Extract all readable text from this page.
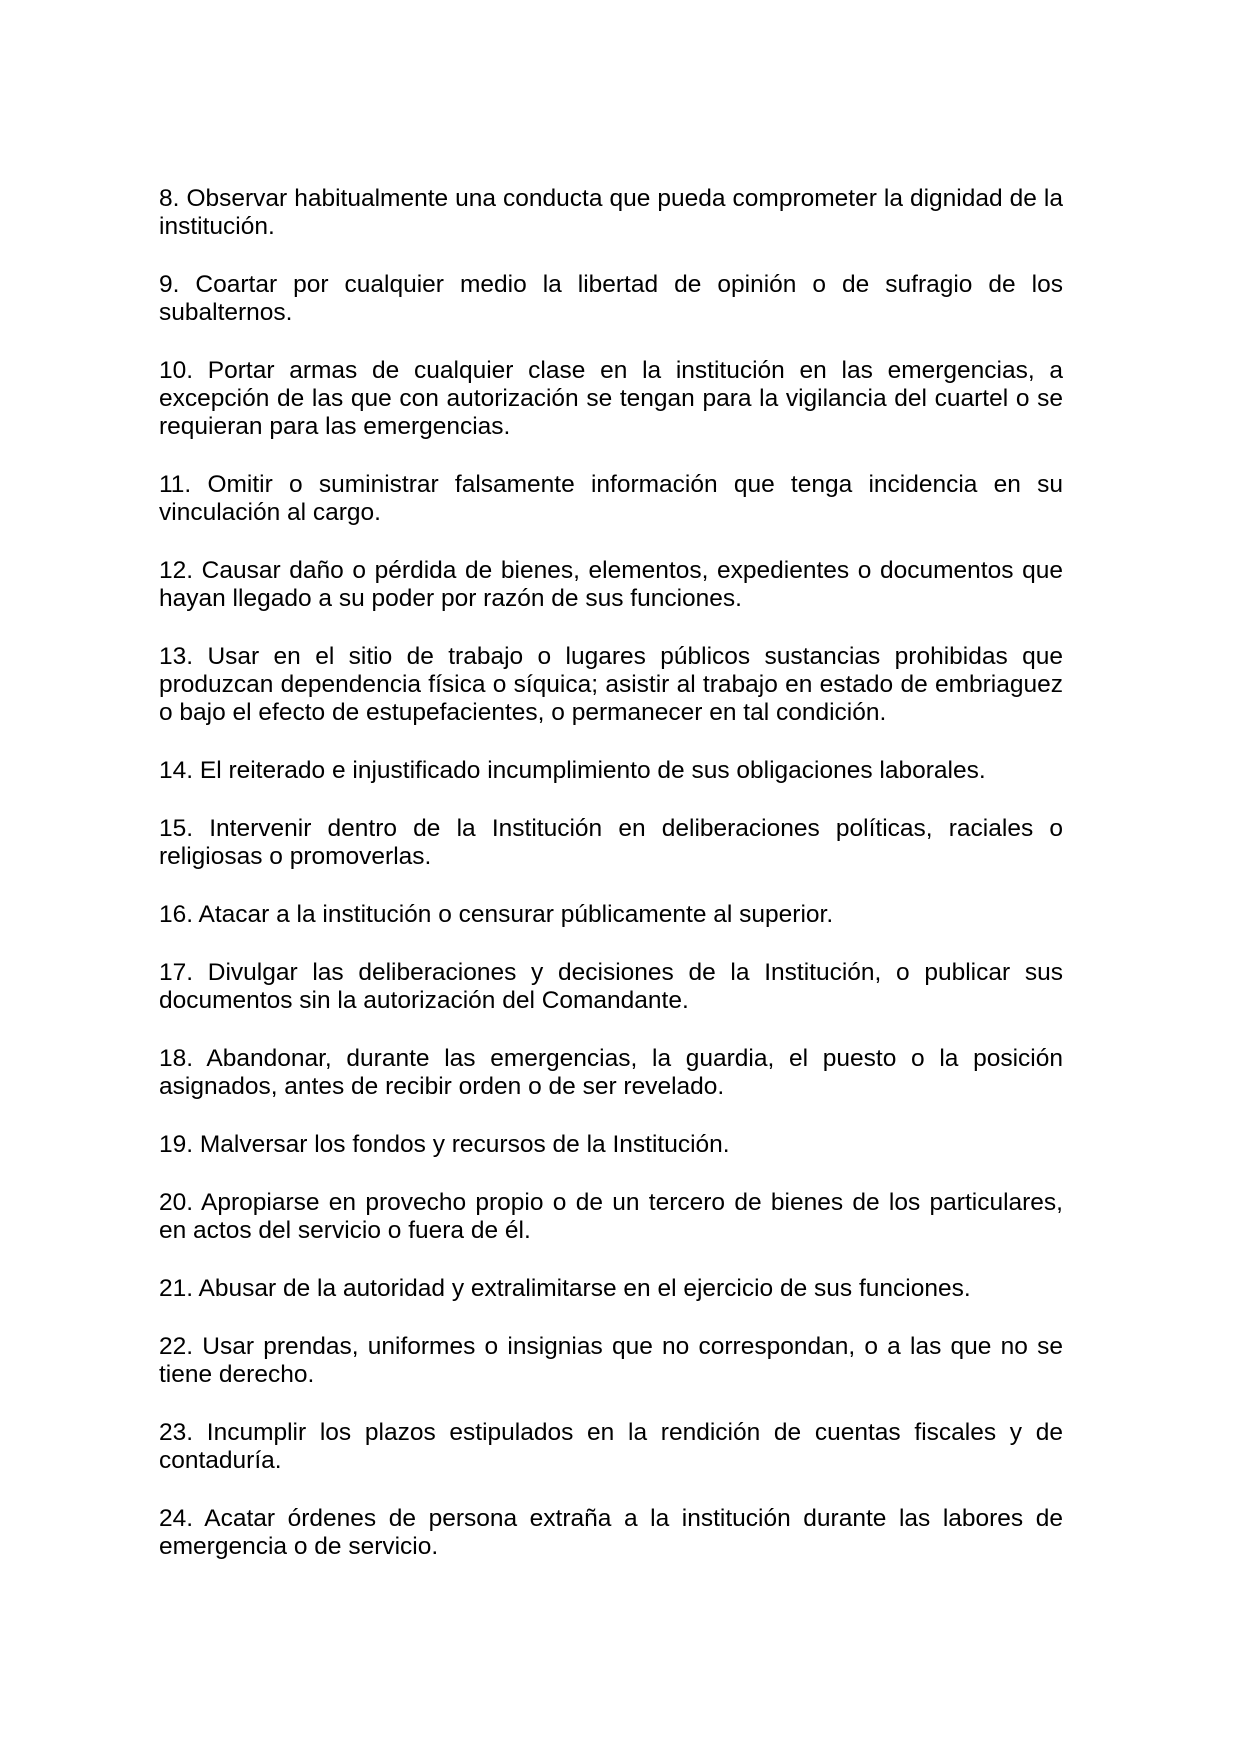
8. Observar habitualmente una conducta que pueda comprometer la dignidad de la institución.

9. Coartar por cualquier medio la libertad de opinión o de sufragio de los subalternos.

10. Portar armas de cualquier clase en la institución en las emergencias, a excepción de las que con autorización se tengan para la vigilancia del cuartel o se requieran para las emergencias.

11. Omitir o suministrar falsamente información que tenga incidencia en su vinculación al cargo.

12. Causar daño o pérdida de bienes, elementos, expedientes o documentos que hayan llegado a su poder por razón de sus funciones.

13. Usar en el sitio de trabajo o lugares públicos sustancias prohibidas que produzcan dependencia física o síquica; asistir al trabajo en estado de embriaguez o bajo el efecto de estupefacientes, o permanecer en tal condición.

14. El reiterado e injustificado incumplimiento de sus obligaciones laborales.

15. Intervenir dentro de la Institución en deliberaciones políticas, raciales o religiosas o promoverlas.

16. Atacar a la institución o censurar públicamente al superior.

17. Divulgar las deliberaciones y decisiones de la Institución, o publicar sus documentos sin la autorización del Comandante.

18. Abandonar, durante las emergencias, la guardia, el puesto o la posición asignados, antes de recibir orden o de ser revelado.

19. Malversar los fondos y recursos de la Institución.

20. Apropiarse en provecho propio o de un tercero de bienes de los particulares, en actos del servicio o fuera de él.

21. Abusar de la autoridad y extralimitarse en el ejercicio de sus funciones.

22. Usar prendas, uniformes o insignias que no correspondan, o a las que no se tiene derecho.

23. Incumplir los plazos estipulados en la rendición de cuentas fiscales y de contaduría.

24. Acatar órdenes de persona extraña a la institución durante las labores de emergencia o de servicio.
